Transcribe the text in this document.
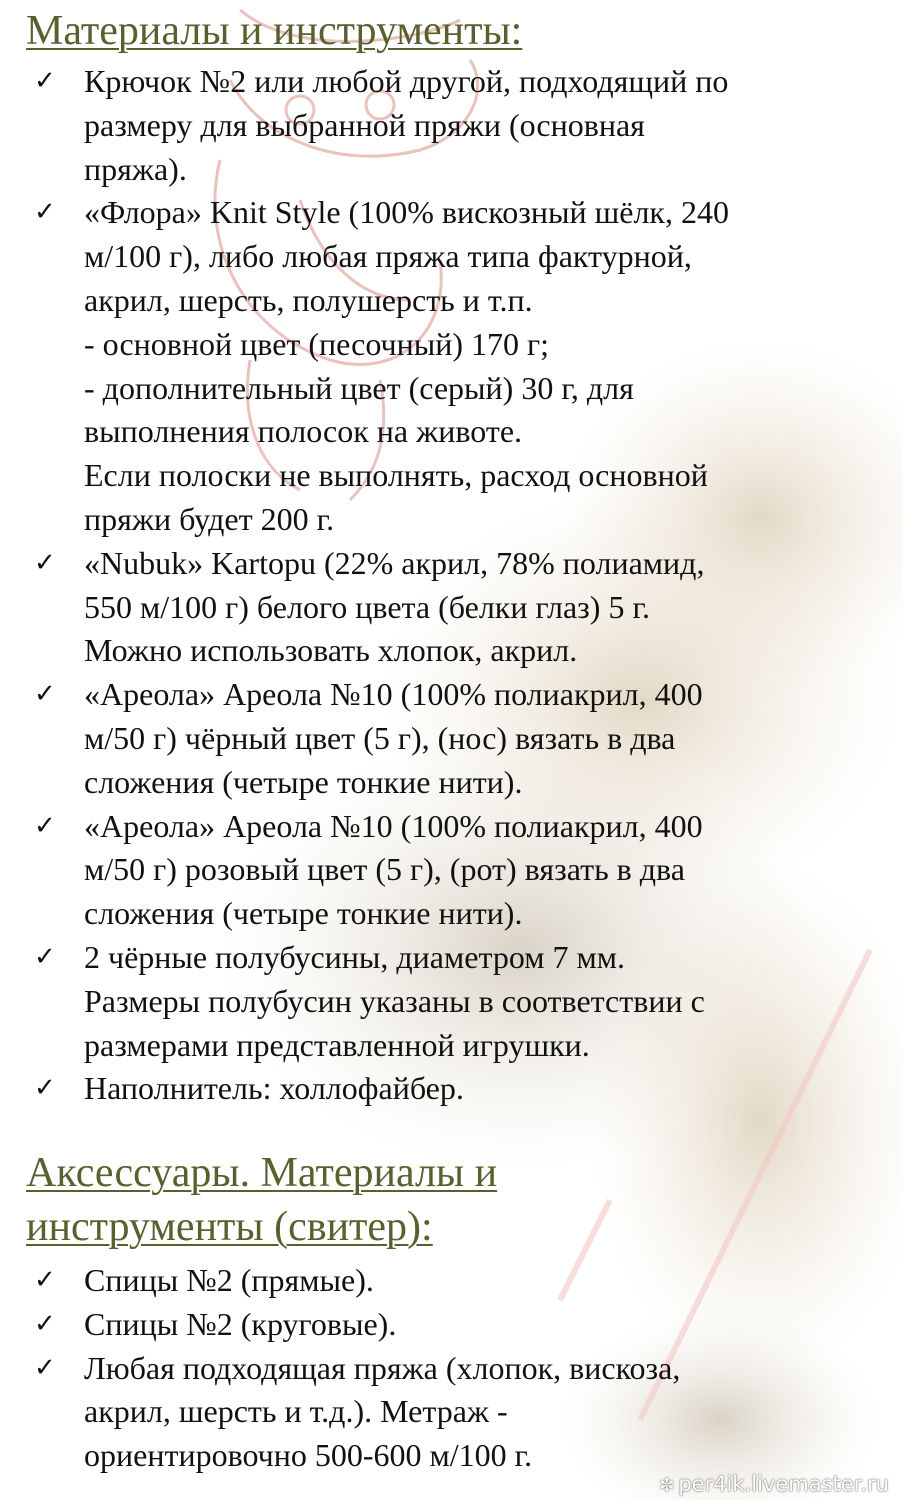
Материалы и инструменты:
✓ Крючок №2 или любой другой, подходящий по
размеру для выбранной пряжи (основная
пряжа).
✓ «Флора» Knit Style (100% вискозный шёлк, 240
м/100 г), либо любая пряжа типа фактурной,
акрил, шерсть, полушерсть и т.п.
- основной цвет (песочный) 170 г;
- дополнительный цвет (серый) 30 г, для
выполнения полосок на животе.
Если полоски не выполнять, расход основной
пряжи будет 200 г.
✓ «Nubuk» Kartopu (22% акрил, 78% полиамид,
550 м/100 г) белого цвета (белки глаз) 5 г.
Можно использовать хлопок, акрил.
✓ «Ареола» Ареола №10 (100% полиакрил, 400
м/50 г) чёрный цвет (5 г), (нос) вязать в два
сложения (четыре тонкие нити).
✓ «Ареола» Ареола №10 (100% полиакрил, 400
м/50 г) розовый цвет (5 г), (рот) вязать в два
сложения (четыре тонкие нити).
✓ 2 чёрные полубусины, диаметром 7 мм.
Размеры полубусин указаны в соответствии с
размерами представленной игрушки.
✓ Наполнитель: холлофайбер.
Аксессуары. Материалы и
инструменты (свитер):
✓ Спицы №2 (прямые).
✓ Спицы №2 (круговые).
✓ Любая подходящая пряжа (хлопок, вискоза,
акрил, шерсть и т.д.). Метраж -
ориентировочно 500-600 м/100 г.
✼ per4ik.livemaster.ru
